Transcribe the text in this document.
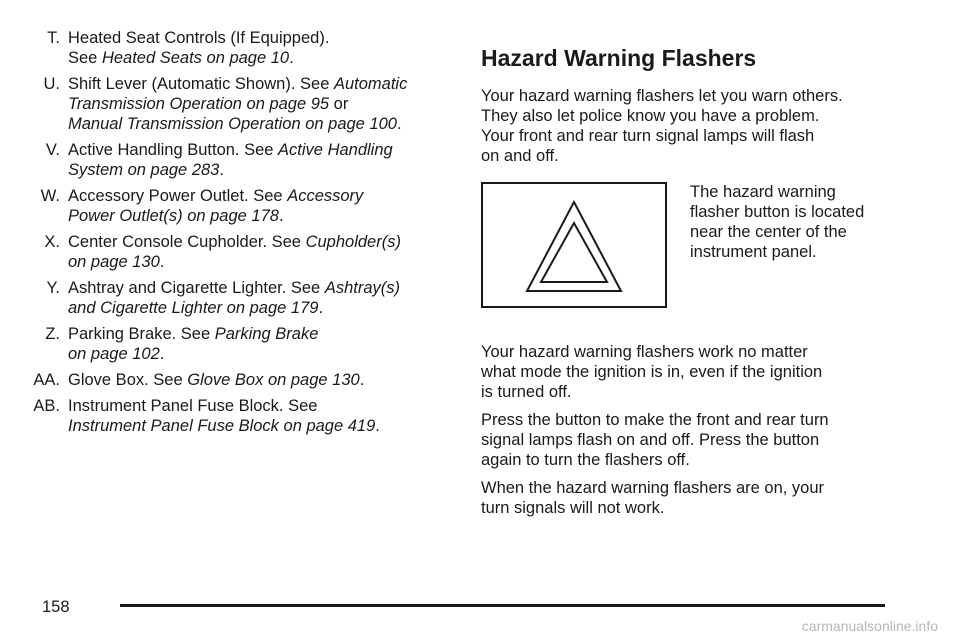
T. Heated Seat Controls (If Equipped).
See Heated Seats on page 10.
U. Shift Lever (Automatic Shown). See Automatic
Transmission Operation on page 95 or
Manual Transmission Operation on page 100.
V. Active Handling Button. See Active Handling
System on page 283.
W. Accessory Power Outlet. See Accessory
Power Outlet(s) on page 178.
X. Center Console Cupholder. See Cupholder(s)
on page 130.
Y. Ashtray and Cigarette Lighter. See Ashtray(s)
and Cigarette Lighter on page 179.
Z. Parking Brake. See Parking Brake
on page 102.
AA. Glove Box. See Glove Box on page 130.
AB. Instrument Panel Fuse Block. See
Instrument Panel Fuse Block on page 419.
Hazard Warning Flashers
Your hazard warning flashers let you warn others.
They also let police know you have a problem.
Your front and rear turn signal lamps will flash
on and off.
The hazard warning
flasher button is located
near the center of the
instrument panel.
Your hazard warning flashers work no matter
what mode the ignition is in, even if the ignition
is turned off.
Press the button to make the front and rear turn
signal lamps flash on and off. Press the button
again to turn the flashers off.
When the hazard warning flashers are on, your
turn signals will not work.
158
carmanualsonline.info
